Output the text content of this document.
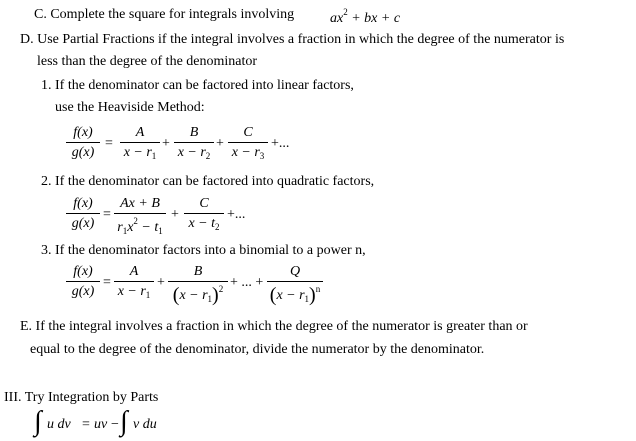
C. Complete the square for integrals involving	$ax^2$ + bx + c
D. Use Partial Fractions if the integral involves a fraction in which the degree of the numerator is
less than the degree of the denominator
1. If the denominator can be factored into linear factors,
use the Heaviside Method:
f(x)
g(x)
=
A
$x - r_1$
+
B
$x - r_2$
+
C
$x - r_3$
+...
2. If the denominator can be factored into quadratic factors,
f(x)
g(x)
=
Ax + B
$r_1x^2 - t_1$
+
C
$x - t_2$
+...
3. If the denominator factors into a binomial to a power n,
f(x)
g(x)
=
A
$x - r_1$
+
B
$(x - r_1)^2$ + ... +
Q
$(x - r_1)^n$
E. If the integral involves a fraction in which the degree of the numerator is greater than or
equal to the degree of the denominator, divide the numerator by the denominator.
III. Try Integration by Parts
∫ u dv = uv − ∫ v du
